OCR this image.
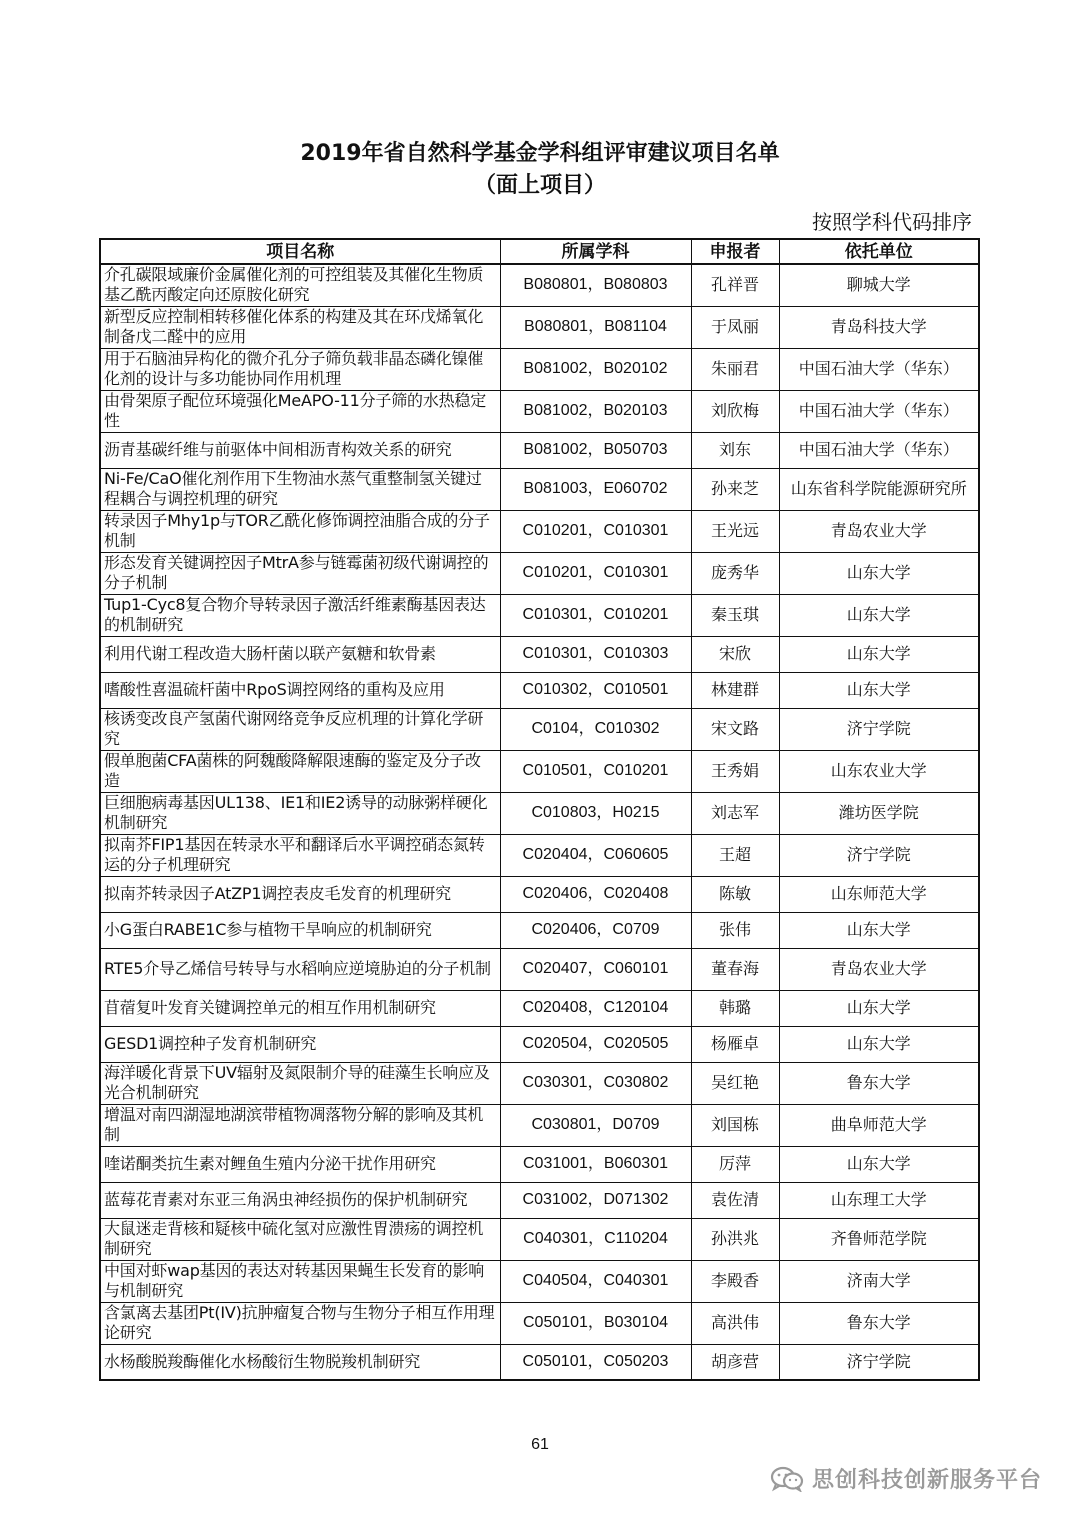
2019年省自然科学基金学科组评审建议项目名单
（面上项目）
按照学科代码排序
项目名称	所属学科	申报者	依托单位
介孔碳限域廉价金属催化剂的可控组装及其催化生物质基乙酰丙酸定向还原胺化研究	B080801，B080803	孔祥晋	聊城大学
新型反应控制相转移催化体系的构建及其在环戊烯氧化制备戊二醛中的应用	B080801，B081104	于凤丽	青岛科技大学
用于石脑油异构化的微介孔分子筛负载非晶态磷化镍催化剂的设计与多功能协同作用机理	B081002，B020102	朱丽君	中国石油大学（华东）
由骨架原子配位环境强化MeAPO-11分子筛的水热稳定性	B081002，B020103	刘欣梅	中国石油大学（华东）
沥青基碳纤维与前驱体中间相沥青构效关系的研究	B081002，B050703	刘东	中国石油大学（华东）
Ni-Fe/CaO催化剂作用下生物油水蒸气重整制氢关键过程耦合与调控机理的研究	B081003，E060702	孙来芝	山东省科学院能源研究所
转录因子Mhy1p与TOR乙酰化修饰调控油脂合成的分子机制	C010201，C010301	王光远	青岛农业大学
形态发育关键调控因子MtrA参与链霉菌初级代谢调控的分子机制	C010201，C010301	庞秀华	山东大学
Tup1-Cyc8复合物介导转录因子激活纤维素酶基因表达的机制研究	C010301，C010201	秦玉琪	山东大学
利用代谢工程改造大肠杆菌以联产氨糖和软骨素	C010301，C010303	宋欣	山东大学
嗜酸性喜温硫杆菌中RpoS调控网络的重构及应用	C010302，C010501	林建群	山东大学
核诱变改良产氢菌代谢网络竞争反应机理的计算化学研究	C0104，C010302	宋文路	济宁学院
假单胞菌CFA菌株的阿魏酸降解限速酶的鉴定及分子改造	C010501，C010201	王秀娟	山东农业大学
巨细胞病毒基因UL138、IE1和IE2诱导的动脉粥样硬化机制研究	C010803，H0215	刘志军	潍坊医学院
拟南芥FIP1基因在转录水平和翻译后水平调控硝态氮转运的分子机理研究	C020404，C060605	王超	济宁学院
拟南芥转录因子AtZP1调控表皮毛发育的机理研究	C020406，C020408	陈敏	山东师范大学
小G蛋白RABE1C参与植物干旱响应的机制研究	C020406，C0709	张伟	山东大学
RTE5介导乙烯信号转导与水稻响应逆境胁迫的分子机制	C020407，C060101	董春海	青岛农业大学
苜蓿复叶发育关键调控单元的相互作用机制研究	C020408，C120104	韩璐	山东大学
GESD1调控种子发育机制研究	C020504，C020505	杨雁卓	山东大学
海洋暖化背景下UV辐射及氮限制介导的硅藻生长响应及光合机制研究	C030301，C030802	吴红艳	鲁东大学
增温对南四湖湿地湖滨带植物凋落物分解的影响及其机制	C030801，D0709	刘国栋	曲阜师范大学
喹诺酮类抗生素对鲤鱼生殖内分泌干扰作用研究	C031001，B060301	厉萍	山东大学
蓝莓花青素对东亚三角涡虫神经损伤的保护机制研究	C031002，D071302	袁佐清	山东理工大学
大鼠迷走背核和疑核中硫化氢对应激性胃溃疡的调控机制研究	C040301，C110204	孙洪兆	齐鲁师范学院
中国对虾wap基因的表达对转基因果蝇生长发育的影响与机制研究	C040504，C040301	李殿香	济南大学
含氯离去基团Pt(IV)抗肿瘤复合物与生物分子相互作用理论研究	C050101，B030104	高洪伟	鲁东大学
水杨酸脱羧酶催化水杨酸衍生物脱羧机制研究	C050101，C050203	胡彦营	济宁学院
61
思创科技创新服务平台
